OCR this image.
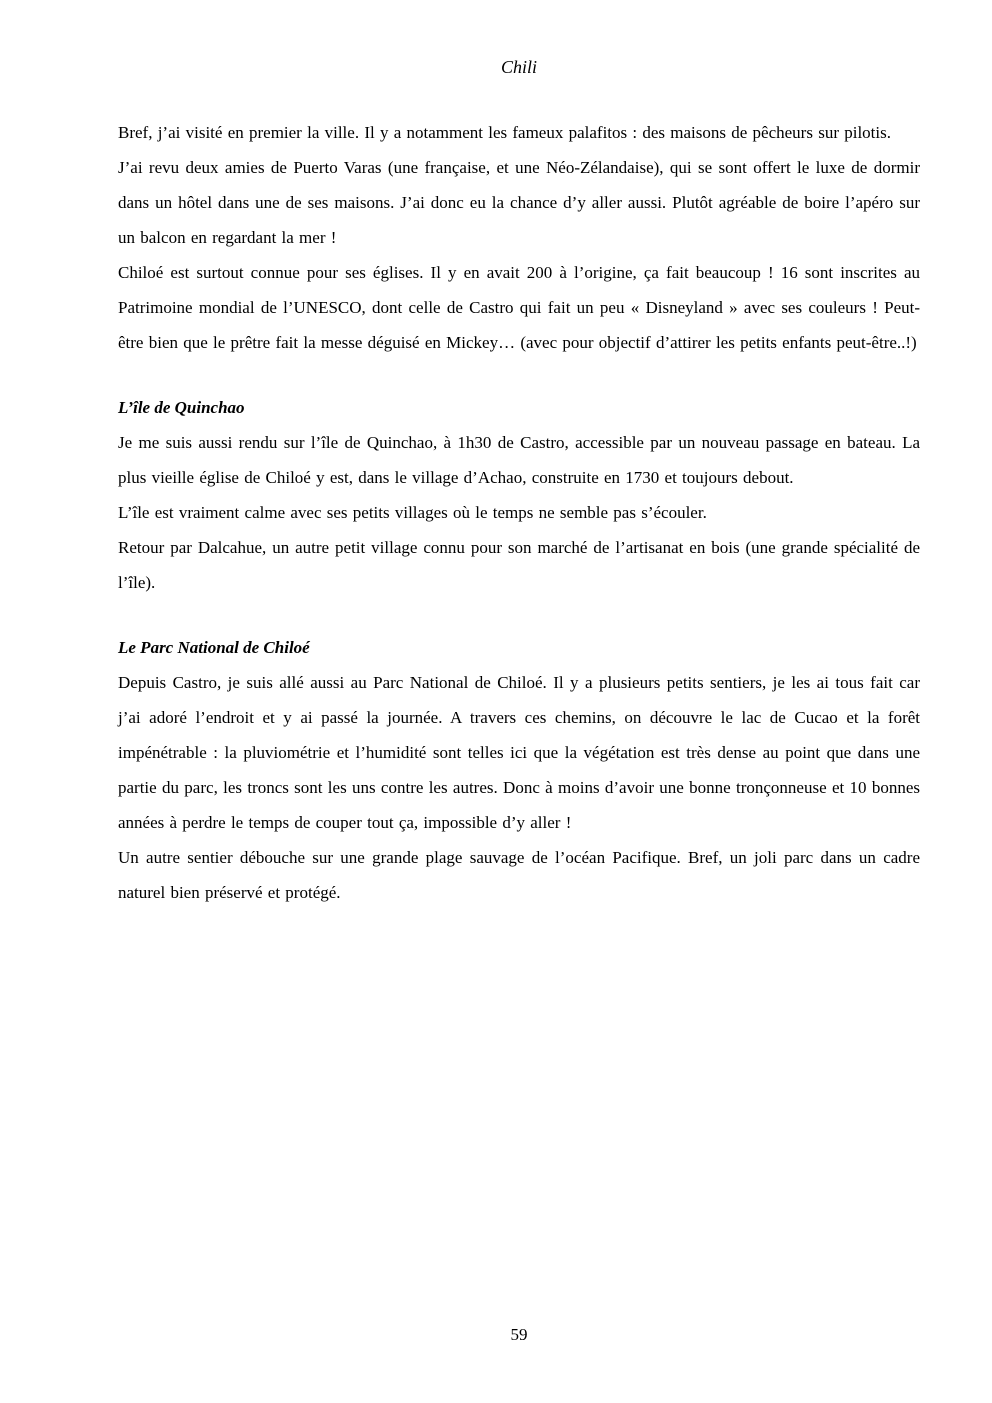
Chili

Bref, j’ai visité en premier la ville. Il y a notamment les fameux palafitos : des maisons de pêcheurs sur pilotis.

J’ai revu deux amies de Puerto Varas (une française, et une Néo-Zélandaise), qui se sont offert le luxe de dormir dans un hôtel dans une de ses maisons. J’ai donc eu la chance d’y aller aussi. Plutôt agréable de boire l’apéro sur un balcon en regardant la mer !

Chiloé est surtout connue pour ses églises. Il y en avait 200 à l’origine, ça fait beaucoup ! 16 sont inscrites au Patrimoine mondial de l’UNESCO, dont celle de Castro qui fait un peu « Disneyland » avec ses couleurs ! Peut-être bien que le prêtre fait la messe déguisé en Mickey… (avec pour objectif d’attirer les petits enfants peut-être..!)

L’île de Quinchao

Je me suis aussi rendu sur l’île de Quinchao, à 1h30 de Castro, accessible par un nouveau passage en bateau. La plus vieille église de Chiloé y est, dans le village d’Achao, construite en 1730 et toujours debout.

L’île est vraiment calme avec ses petits villages où le temps ne semble pas s’écouler.

Retour par Dalcahue, un autre petit village connu pour son marché de l’artisanat en bois (une grande spécialité de l’île).

Le Parc National de Chiloé

Depuis Castro, je suis allé aussi au Parc National de Chiloé. Il y a plusieurs petits sentiers, je les ai tous fait car j’ai adoré l’endroit et y ai passé la journée. A travers ces chemins, on découvre le lac de Cucao et la forêt impénétrable : la pluviométrie et l’humidité sont telles ici que la végétation est très dense au point que dans une partie du parc, les troncs sont les uns contre les autres. Donc à moins d’avoir une bonne tronçonneuse et 10 bonnes années à perdre le temps de couper tout ça, impossible d’y aller !

Un autre sentier débouche sur une grande plage sauvage de l’océan Pacifique. Bref, un joli parc dans un cadre naturel bien préservé et protégé.

59
